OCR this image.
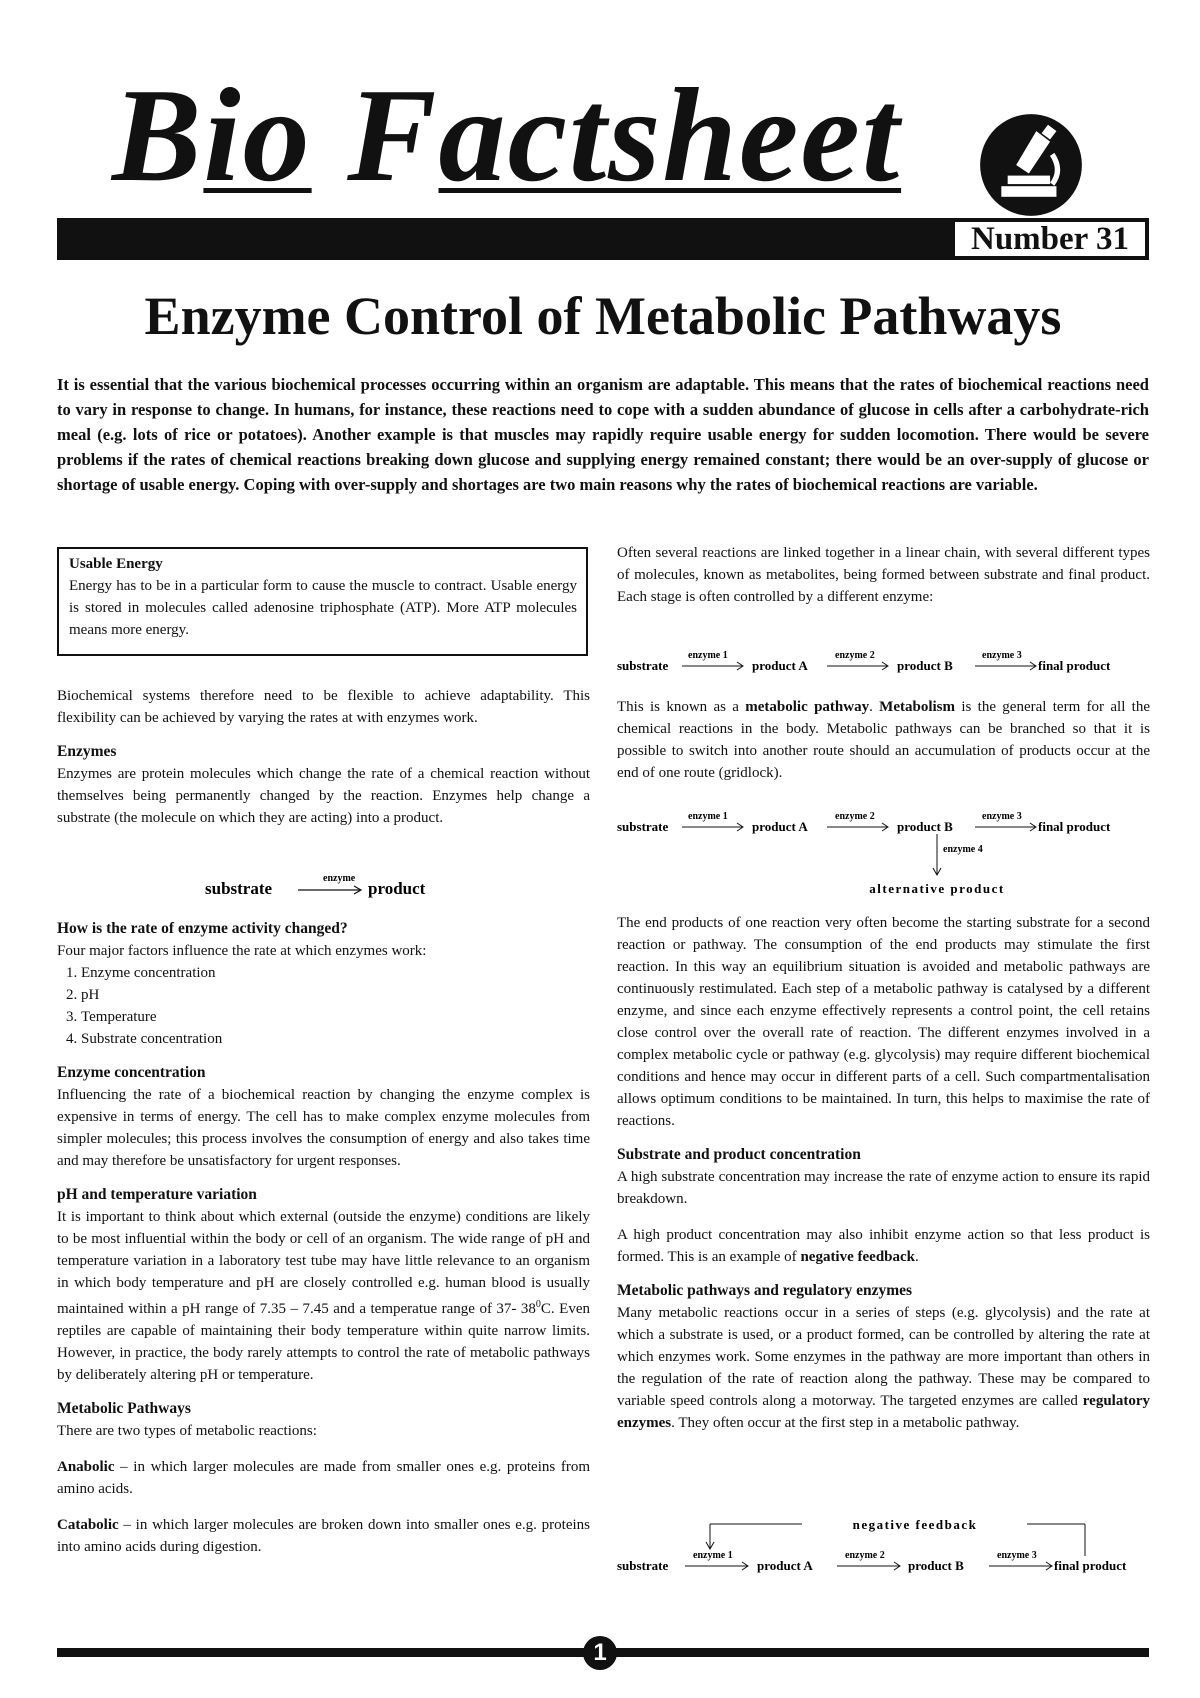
Bio Factsheet
Number 31
Enzyme Control of Metabolic Pathways
It is essential that the various biochemical processes occurring within an organism are adaptable. This means that the rates of biochemical reactions need to vary in response to change. In humans, for instance, these reactions need to cope with a sudden abundance of glucose in cells after a carbohydrate-rich meal (e.g. lots of rice or potatoes). Another example is that muscles may rapidly require usable energy for sudden locomotion. There would be severe problems if the rates of chemical reactions breaking down glucose and supplying energy remained constant; there would be an over-supply of glucose or shortage of usable energy. Coping with over-supply and shortages are two main reasons why the rates of biochemical reactions are variable.

Usable Energy

Energy has to be in a particular form to cause the muscle to contract. Usable energy is stored in molecules called adenosine triphosphate (ATP). More ATP molecules means more energy.

Biochemical systems therefore need to be flexible to achieve adaptability. This flexibility can be achieved by varying the rates at with enzymes work.

Enzymes

Enzymes are protein molecules which change the rate of a chemical reaction without themselves being permanently changed by the reaction. Enzymes help change a substrate (the molecule on which they are acting) into a product.

substrate
enzyme
product

How is the rate of enzyme activity changed?

Four major factors influence the rate at which enzymes work:

1. Enzyme concentration
2. pH
3. Temperature
4. Substrate concentration

Enzyme concentration

Influencing the rate of a biochemical reaction by changing the enzyme complex is expensive in terms of energy. The cell has to make complex enzyme molecules from simpler molecules; this process involves the consumption of energy and also takes time and may therefore be unsatisfactory for urgent responses.

pH and temperature variation

It is important to think about which external (outside the enzyme) conditions are likely to be most influential within the body or cell of an organism. The wide range of pH and temperature variation in a laboratory test tube may have little relevance to an organism in which body temperature and pH are closely controlled e.g. human blood is usually maintained within a pH range of 7.35 – 7.45 and a temperatue range of 37- $38^0C$. Even reptiles are capable of maintaining their body temperature within quite narrow limits. However, in practice, the body rarely attempts to control the rate of metabolic pathways by deliberately altering pH or temperature.

Metabolic Pathways

There are two types of metabolic reactions:

Anabolic – in which larger molecules are made from smaller ones e.g. proteins from amino acids.

Catabolic – in which larger molecules are broken down into smaller ones e.g. proteins into amino acids during digestion.

Often several reactions are linked together in a linear chain, with several different types of molecules, known as metabolites, being formed between substrate and final product. Each stage is often controlled by a different enzyme:

substrate
enzyme 1
product A
enzyme 2
product B
enzyme 3
final product

This is known as a metabolic pathway. Metabolism is the general term for all the chemical reactions in the body. Metabolic pathways can be branched so that it is possible to switch into another route should an accumulation of products occur at the end of one route (gridlock).

substrate
enzyme 1
product A
enzyme 2
product B
enzyme 3
final product
enzyme 4
alternative product

The end products of one reaction very often become the starting substrate for a second reaction or pathway. The consumption of the end products may stimulate the first reaction. In this way an equilibrium situation is avoided and metabolic pathways are continuously restimulated. Each step of a metabolic pathway is catalysed by a different enzyme, and since each enzyme effectively represents a control point, the cell retains close control over the overall rate of reaction. The different enzymes involved in a complex metabolic cycle or pathway (e.g. glycolysis) may require different biochemical conditions and hence may occur in different parts of a cell. Such compartmentalisation allows optimum conditions to be maintained. In turn, this helps to maximise the rate of reactions.

Substrate and product concentration

A high substrate concentration may increase the rate of enzyme action to ensure its rapid breakdown.

A high product concentration may also inhibit enzyme action so that less product is formed. This is an example of negative feedback.

Metabolic pathways and regulatory enzymes

Many metabolic reactions occur in a series of steps (e.g. glycolysis) and the rate at which a substrate is used, or a product formed, can be controlled by altering the rate at which enzymes work. Some enzymes in the pathway are more important than others in the regulation of the rate of reaction along the pathway. These may be compared to variable speed controls along a motorway. The targeted enzymes are called regulatory enzymes. They often occur at the first step in a metabolic pathway.

negative feedback
substrate
enzyme 1
product A
enzyme 2
product B
enzyme 3
final product
1
